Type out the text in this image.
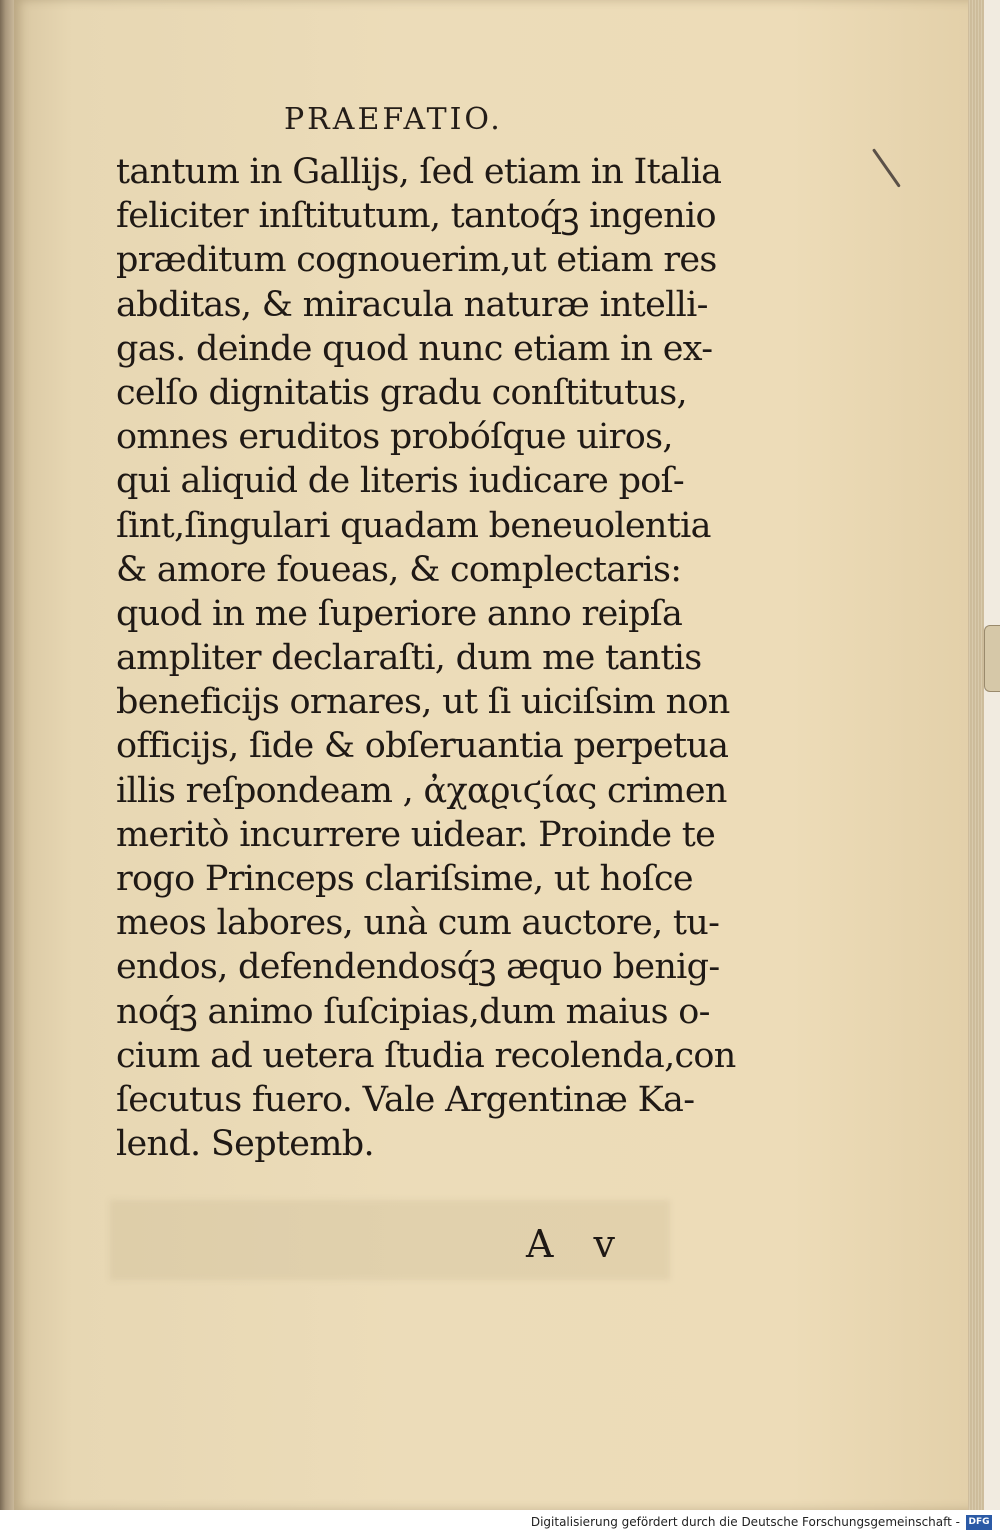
PRAEFATIO.
tantum in Gallijs, ſed etiam in Italia
feliciter inſtitutum, tantoq́ꝫ ingenio
præditum cognouerim,ut etiam res
abditas, & miracula naturæ intelli-
gas. deinde quod nunc etiam in ex-
celſo dignitatis gradu conſtitutus,
omnes eruditos probóſque uiros,
qui aliquid de literis iudicare poſ-
ſint,ſingulari quadam beneuolentia
& amore foueas, & complectaris:
quod in me ſuperiore anno reipſa
ampliter declaraſti, dum me tantis
beneficijs ornares, ut ſi uiciſsim non
officijs, ſide & obſeruantia perpetua
illis reſpondeam , ἀχαϱιϛίας crimen
meritò incurrere uidear. Proinde te
rogo Princeps clariſsime, ut hoſce
meos labores, unà cum auctore, tu-
endos, defendendosq́ꝫ æquo benig-
noq́ꝫ animo ſuſcipias,dum maius o-
cium ad uetera ſtudia recolenda,con
ſecutus fuero. Vale Argentinæ Ka-
lend. Septemb.
A v
Digitalisierung gefördert durch die Deutsche Forschungsgemeinschaft - DFG
